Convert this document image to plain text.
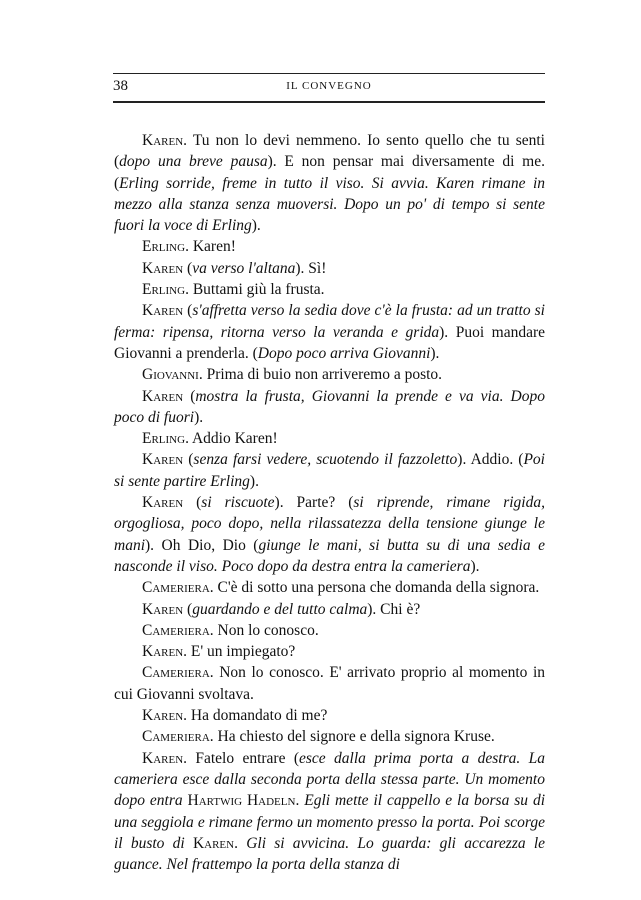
38	IL CONVEGNO

Karen. Tu non lo devi nemmeno. Io sento quello che tu senti (dopo una breve pausa). E non pensar mai diversamente di me. (Erling sorride, freme in tutto il viso. Si avvia. Karen rimane in mezzo alla stanza senza muoversi. Dopo un po' di tempo si sente fuori la voce di Erling).

Erling. Karen!

Karen (va verso l'altana). Sì!

Erling. Buttami giù la frusta.

Karen (s'affretta verso la sedia dove c'è la frusta: ad un tratto si ferma: ripensa, ritorna verso la veranda e grida). Puoi mandare Giovanni a prenderla. (Dopo poco arriva Giovanni).

Giovanni. Prima di buio non arriveremo a posto.

Karen (mostra la frusta, Giovanni la prende e va via. Dopo poco di fuori).

Erling. Addio Karen!

Karen (senza farsi vedere, scuotendo il fazzoletto). Addio. (Poi si sente partire Erling).

Karen (si riscuote). Parte? (si riprende, rimane rigida, orgogliosa, poco dopo, nella rilassatezza della tensione giunge le mani). Oh Dio, Dio (giunge le mani, si butta su di una sedia e nasconde il viso. Poco dopo da destra entra la cameriera).

Cameriera. C'è di sotto una persona che domanda della signora.

Karen (guardando e del tutto calma). Chi è?

Cameriera. Non lo conosco.

Karen. E' un impiegato?

Cameriera. Non lo conosco. E' arrivato proprio al momento in cui Giovanni svoltava.

Karen. Ha domandato di me?

Cameriera. Ha chiesto del signore e della signora Kruse.

Karen. Fatelo entrare (esce dalla prima porta a destra. La cameriera esce dalla seconda porta della stessa parte. Un momento dopo entra Hartwig Hadeln. Egli mette il cappello e la borsa su di una seggiola e rimane fermo un momento presso la porta. Poi scorge il busto di Karen. Gli si avvicina. Lo guarda: gli accarezza le guance. Nel frattempo la porta della stanza di
